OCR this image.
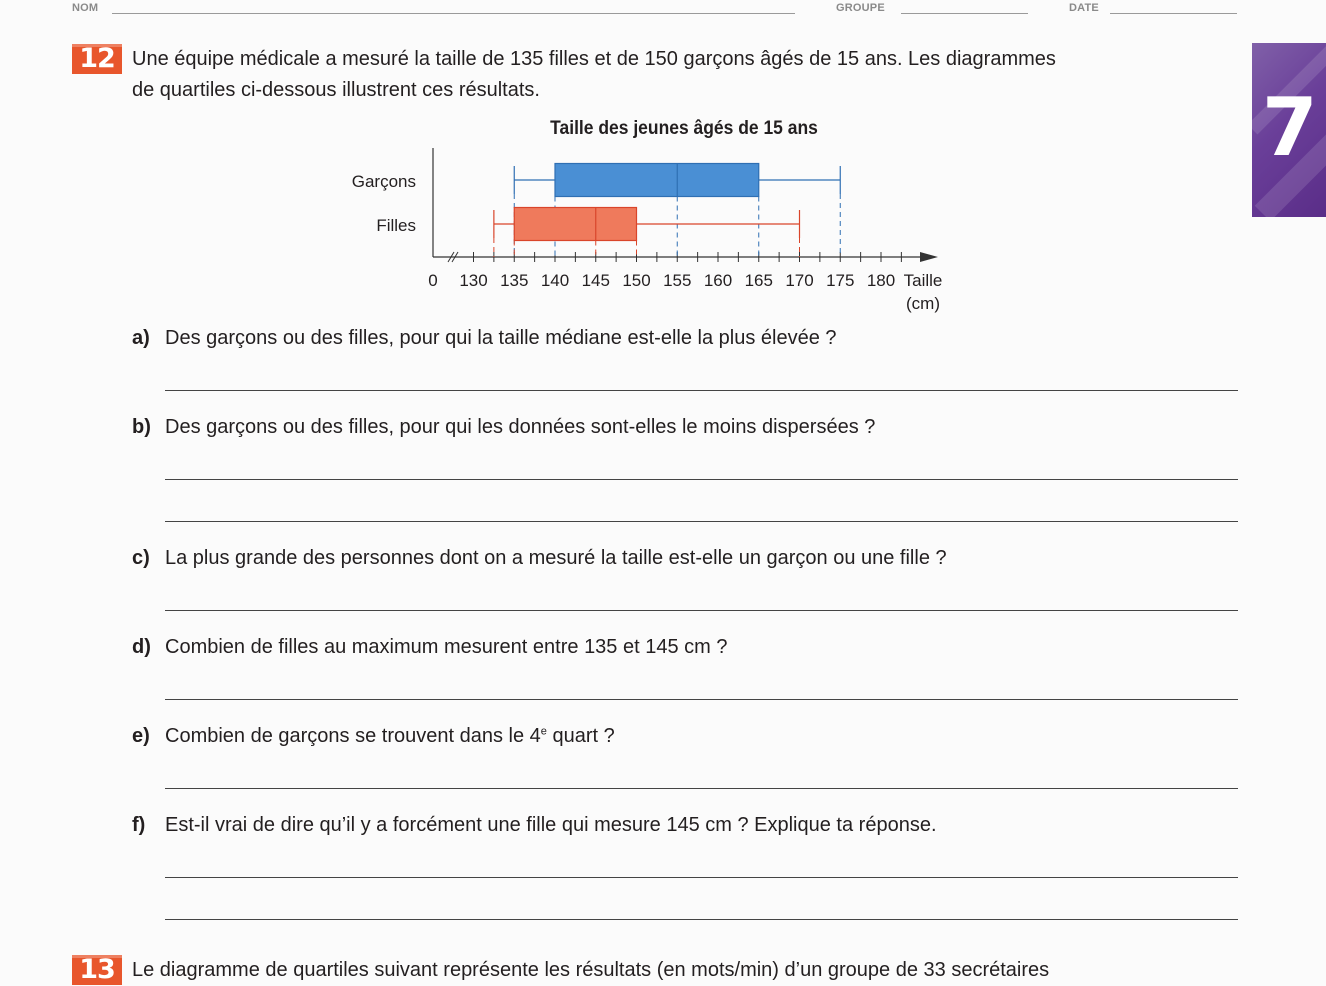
NOM	GROUPE	DATE
7
12 Une équipe médicale a mesuré la taille de 135 filles et de 150 garçons âgés de 15 ans. Les diagrammes
de quartiles ci-dessous illustrent ces résultats.
Taille des jeunes âgés de 15 ans
0 130 135 140 145 150 155 160 165 170 175 180 Taille
(cm)
Garçons
Filles
a) Des garçons ou des filles, pour qui la taille médiane est-elle la plus élevée ?
b) Des garçons ou des filles, pour qui les données sont-elles le moins dispersées ?
c) La plus grande des personnes dont on a mesuré la taille est-elle un garçon ou une fille ?
d) Combien de filles au maximum mesurent entre 135 et 145 cm ?
e) Combien de garçons se trouvent dans le 4e quart ?
f) Est-il vrai de dire qu’il y a forcément une fille qui mesure 145 cm ? Explique ta réponse.
13 Le diagramme de quartiles suivant représente les résultats (en mots/min) d’un groupe de 33 secrétaires
